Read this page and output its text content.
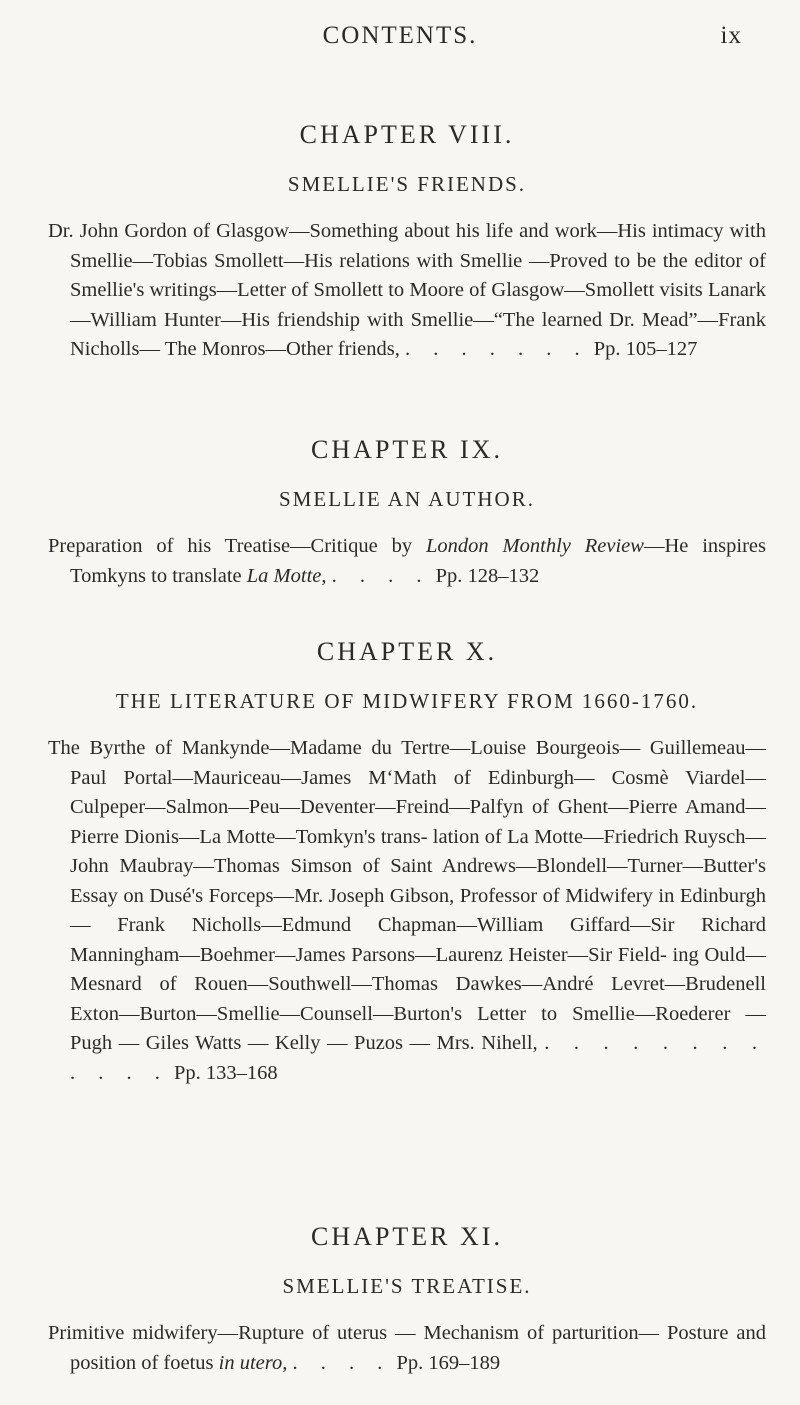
CONTENTS.	ix
CHAPTER VIII.
SMELLIE'S FRIENDS.

Dr. John Gordon of Glasgow—Something about his life and work—His intimacy with Smellie—Tobias Smollett—His relations with Smellie —Proved to be the editor of Smellie's writings—Letter of Smollett to Moore of Glasgow—Smollett visits Lanark—William Hunter—His friendship with Smellie—“The learned Dr. Mead”—Frank Nicholls— The Monros—Other friends, . . . . . . . Pp. 105–127

CHAPTER IX.
SMELLIE AN AUTHOR.

Preparation of his Treatise—Critique by London Monthly Review—He inspires Tomkyns to translate La Motte, . . . . Pp. 128–132

CHAPTER X.
THE LITERATURE OF MIDWIFERY FROM 1660-1760.

The Byrthe of Mankynde—Madame du Tertre—Louise Bourgeois— Guillemeau—Paul Portal—Mauriceau—James M‘Math of Edinburgh— Cosmè Viardel—Culpeper—Salmon—Peu—Deventer—Freind—Palfyn of Ghent—Pierre Amand—Pierre Dionis—La Motte—Tomkyn's trans- lation of La Motte—Friedrich Ruysch—John Maubray—Thomas Simson of Saint Andrews—Blondell—Turner—Butter's Essay on Dusé's Forceps—Mr. Joseph Gibson, Professor of Midwifery in Edinburgh— Frank Nicholls—Edmund Chapman—William Giffard—Sir Richard Manningham—Boehmer—James Parsons—Laurenz Heister—Sir Field- ing Ould—Mesnard of Rouen—Southwell—Thomas Dawkes—André Levret—Brudenell Exton—Burton—Smellie—Counsell—Burton's Letter to Smellie—Roederer — Pugh — Giles Watts — Kelly — Puzos — Mrs. Nihell, . . . . . . . . . . . . Pp. 133–168

CHAPTER XI.
SMELLIE'S TREATISE.

Primitive midwifery—Rupture of uterus — Mechanism of parturition— Posture and position of foetus in utero, . . . . Pp. 169–189
